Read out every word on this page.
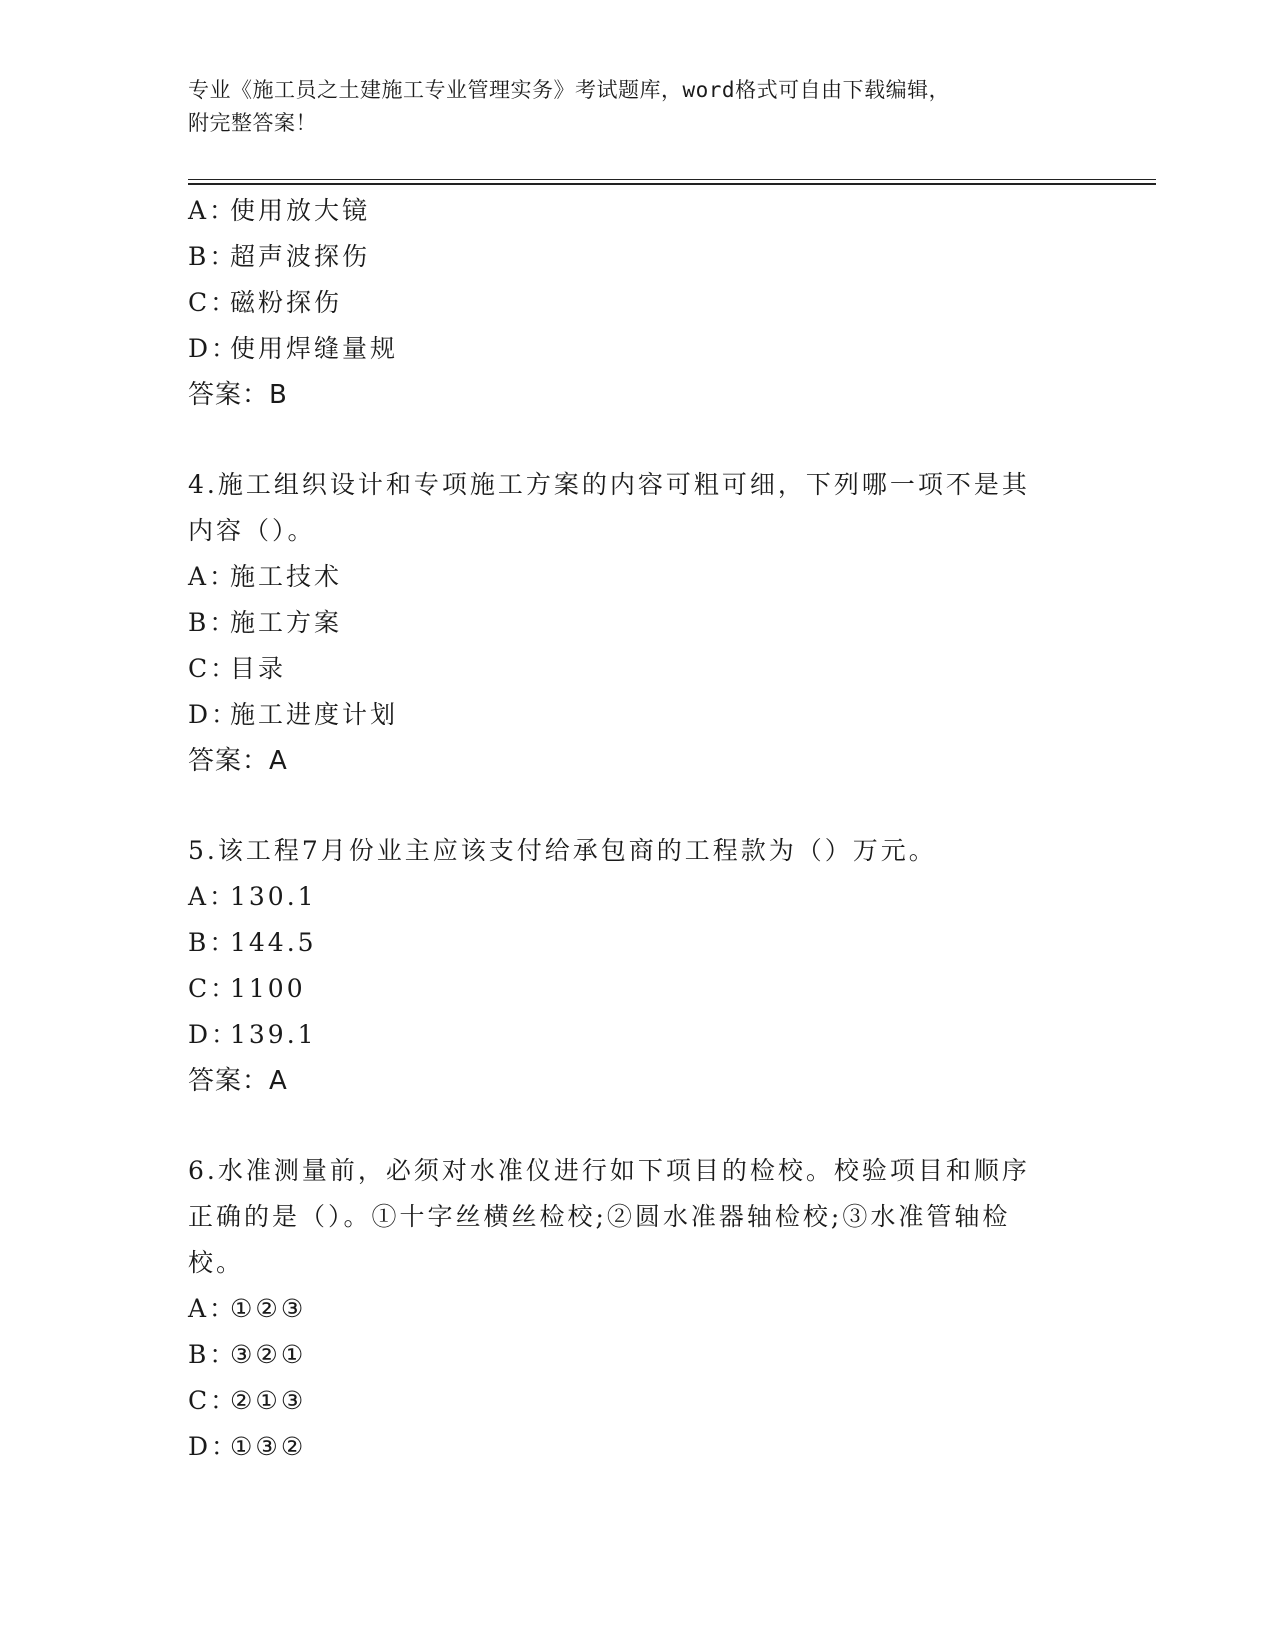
专业《施工员之土建施工专业管理实务》考试题库，word格式可自由下载编辑，
附完整答案！
A：使用放大镜
B：超声波探伤
C：磁粉探伤
D：使用焊缝量规
答案：B
4.施工组织设计和专项施工方案的内容可粗可细，下列哪一项不是其
内容（）。
A：施工技术
B：施工方案
C：目录
D：施工进度计划
答案：A
5.该工程7月份业主应该支付给承包商的工程款为（）万元。
A：130.1
B：144.5
C：1100
D：139.1
答案：A
6.水准测量前，必须对水准仪进行如下项目的检校。校验项目和顺序
正确的是（）。①十字丝横丝检校;②圆水准器轴检校;③水准管轴检
校。
A：①②③
B：③②①
C：②①③
D：①③②
